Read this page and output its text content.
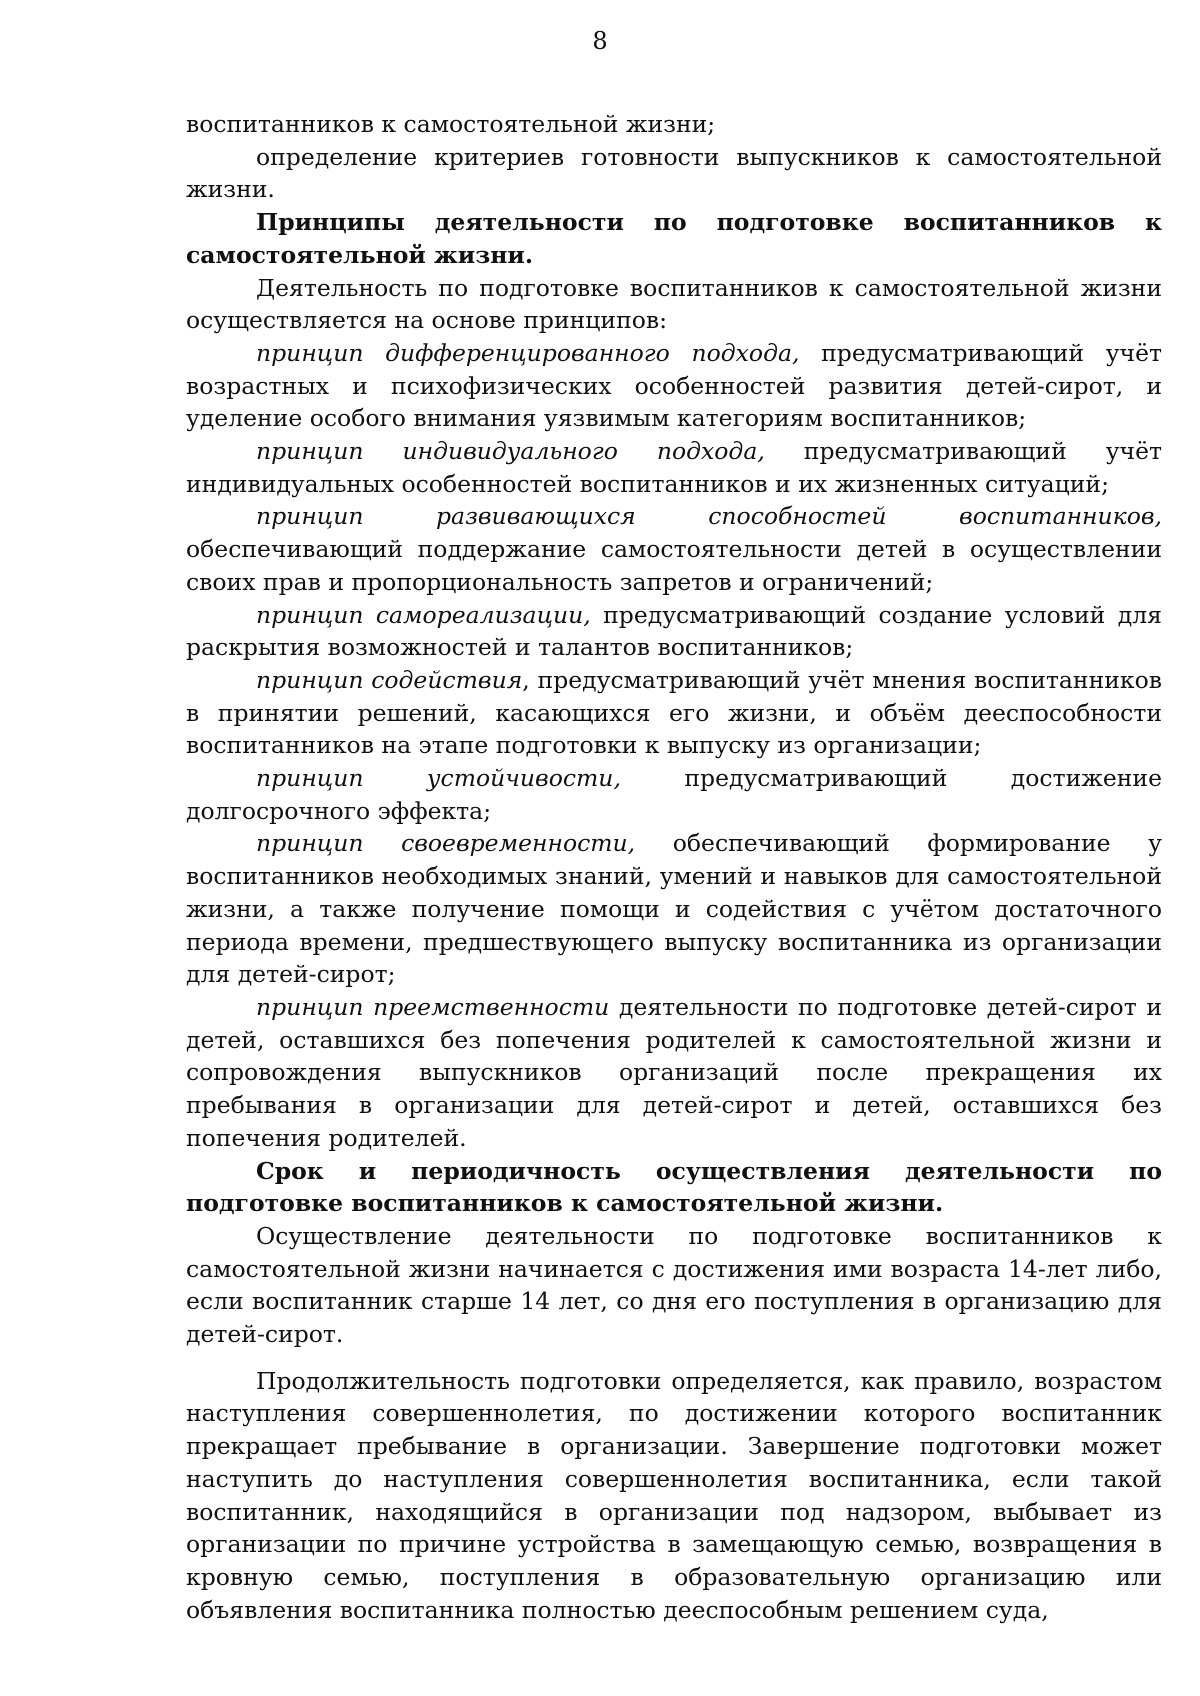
8

воспитанников к самостоятельной жизни;

определение критериев готовности выпускников к самостоятельной жизни.

Принципы деятельности по подготовке воспитанников к самостоятельной жизни.

Деятельность по подготовке воспитанников к самостоятельной жизни осуществляется на основе принципов:

принцип дифференцированного подхода, предусматривающий учёт возрастных и психофизических особенностей развития детей-сирот, и уделение особого внимания уязвимым категориям воспитанников;

принцип индивидуального подхода, предусматривающий учёт индивидуальных особенностей воспитанников и их жизненных ситуаций;

принцип развивающихся способностей воспитанников, обеспечивающий поддержание самостоятельности детей в осуществлении своих прав и пропорциональность запретов и ограничений;

принцип самореализации, предусматривающий создание условий для раскрытия возможностей и талантов воспитанников;

принцип содействия, предусматривающий учёт мнения воспитанников в принятии решений, касающихся его жизни, и объём дееспособности воспитанников на этапе подготовки к выпуску из организации;

принцип устойчивости, предусматривающий достижение долгосрочного эффекта;

принцип своевременности, обеспечивающий формирование у воспитанников необходимых знаний, умений и навыков для самостоятельной жизни, а также получение помощи и содействия с учётом достаточного периода времени, предшествующего выпуску воспитанника из организации для детей-сирот;

принцип преемственности деятельности по подготовке детей-сирот и детей, оставшихся без попечения родителей к самостоятельной жизни и сопровождения выпускников организаций после прекращения их пребывания в организации для детей-сирот и детей, оставшихся без попечения родителей.

Срок и периодичность осуществления деятельности по подготовке воспитанников к самостоятельной жизни.

Осуществление деятельности по подготовке воспитанников к самостоятельной жизни начинается с достижения ими возраста 14-лет либо, если воспитанник старше 14 лет, со дня его поступления в организацию для детей-сирот.

Продолжительность подготовки определяется, как правило, возрастом наступления совершеннолетия, по достижении которого воспитанник прекращает пребывание в организации. Завершение подготовки может наступить до наступления совершеннолетия воспитанника, если такой воспитанник, находящийся в организации под надзором, выбывает из организации по причине устройства в замещающую семью, возвращения в кровную семью, поступления в образовательную организацию или объявления воспитанника полностью дееспособным решением суда,
